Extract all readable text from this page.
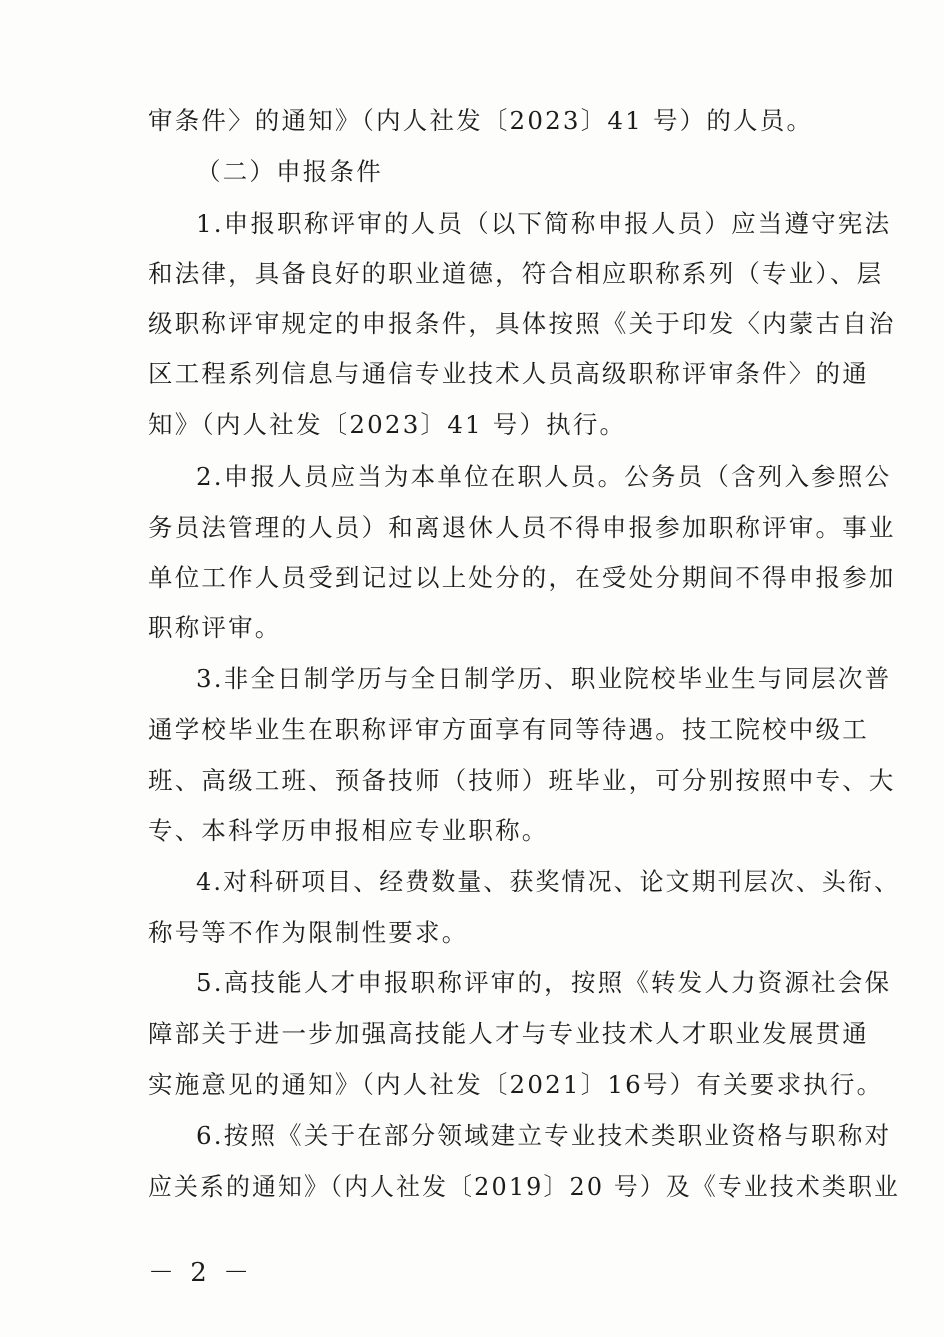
审条件〉的通知》（内人社发〔2023〕41 号）的人员。
（二）申报条件
1.申报职称评审的人员（以下简称申报人员）应当遵守宪法
和法律，具备良好的职业道德，符合相应职称系列（专业）、层
级职称评审规定的申报条件，具体按照《关于印发〈内蒙古自治
区工程系列信息与通信专业技术人员高级职称评审条件〉的通
知》（内人社发〔2023〕41 号）执行。
2.申报人员应当为本单位在职人员。公务员（含列入参照公
务员法管理的人员）和离退休人员不得申报参加职称评审。事业
单位工作人员受到记过以上处分的，在受处分期间不得申报参加
职称评审。
3.非全日制学历与全日制学历、职业院校毕业生与同层次普
通学校毕业生在职称评审方面享有同等待遇。技工院校中级工
班、高级工班、预备技师（技师）班毕业，可分别按照中专、大
专、本科学历申报相应专业职称。
4.对科研项目、经费数量、获奖情况、论文期刊层次、头衔、
称号等不作为限制性要求。
5.高技能人才申报职称评审的，按照《转发人力资源社会保
障部关于进一步加强高技能人才与专业技术人才职业发展贯通
实施意见的通知》（内人社发〔2021〕16号）有关要求执行。
6.按照《关于在部分领域建立专业技术类职业资格与职称对
应关系的通知》（内人社发〔2019〕20 号）及《专业技术类职业
－ 2 －
